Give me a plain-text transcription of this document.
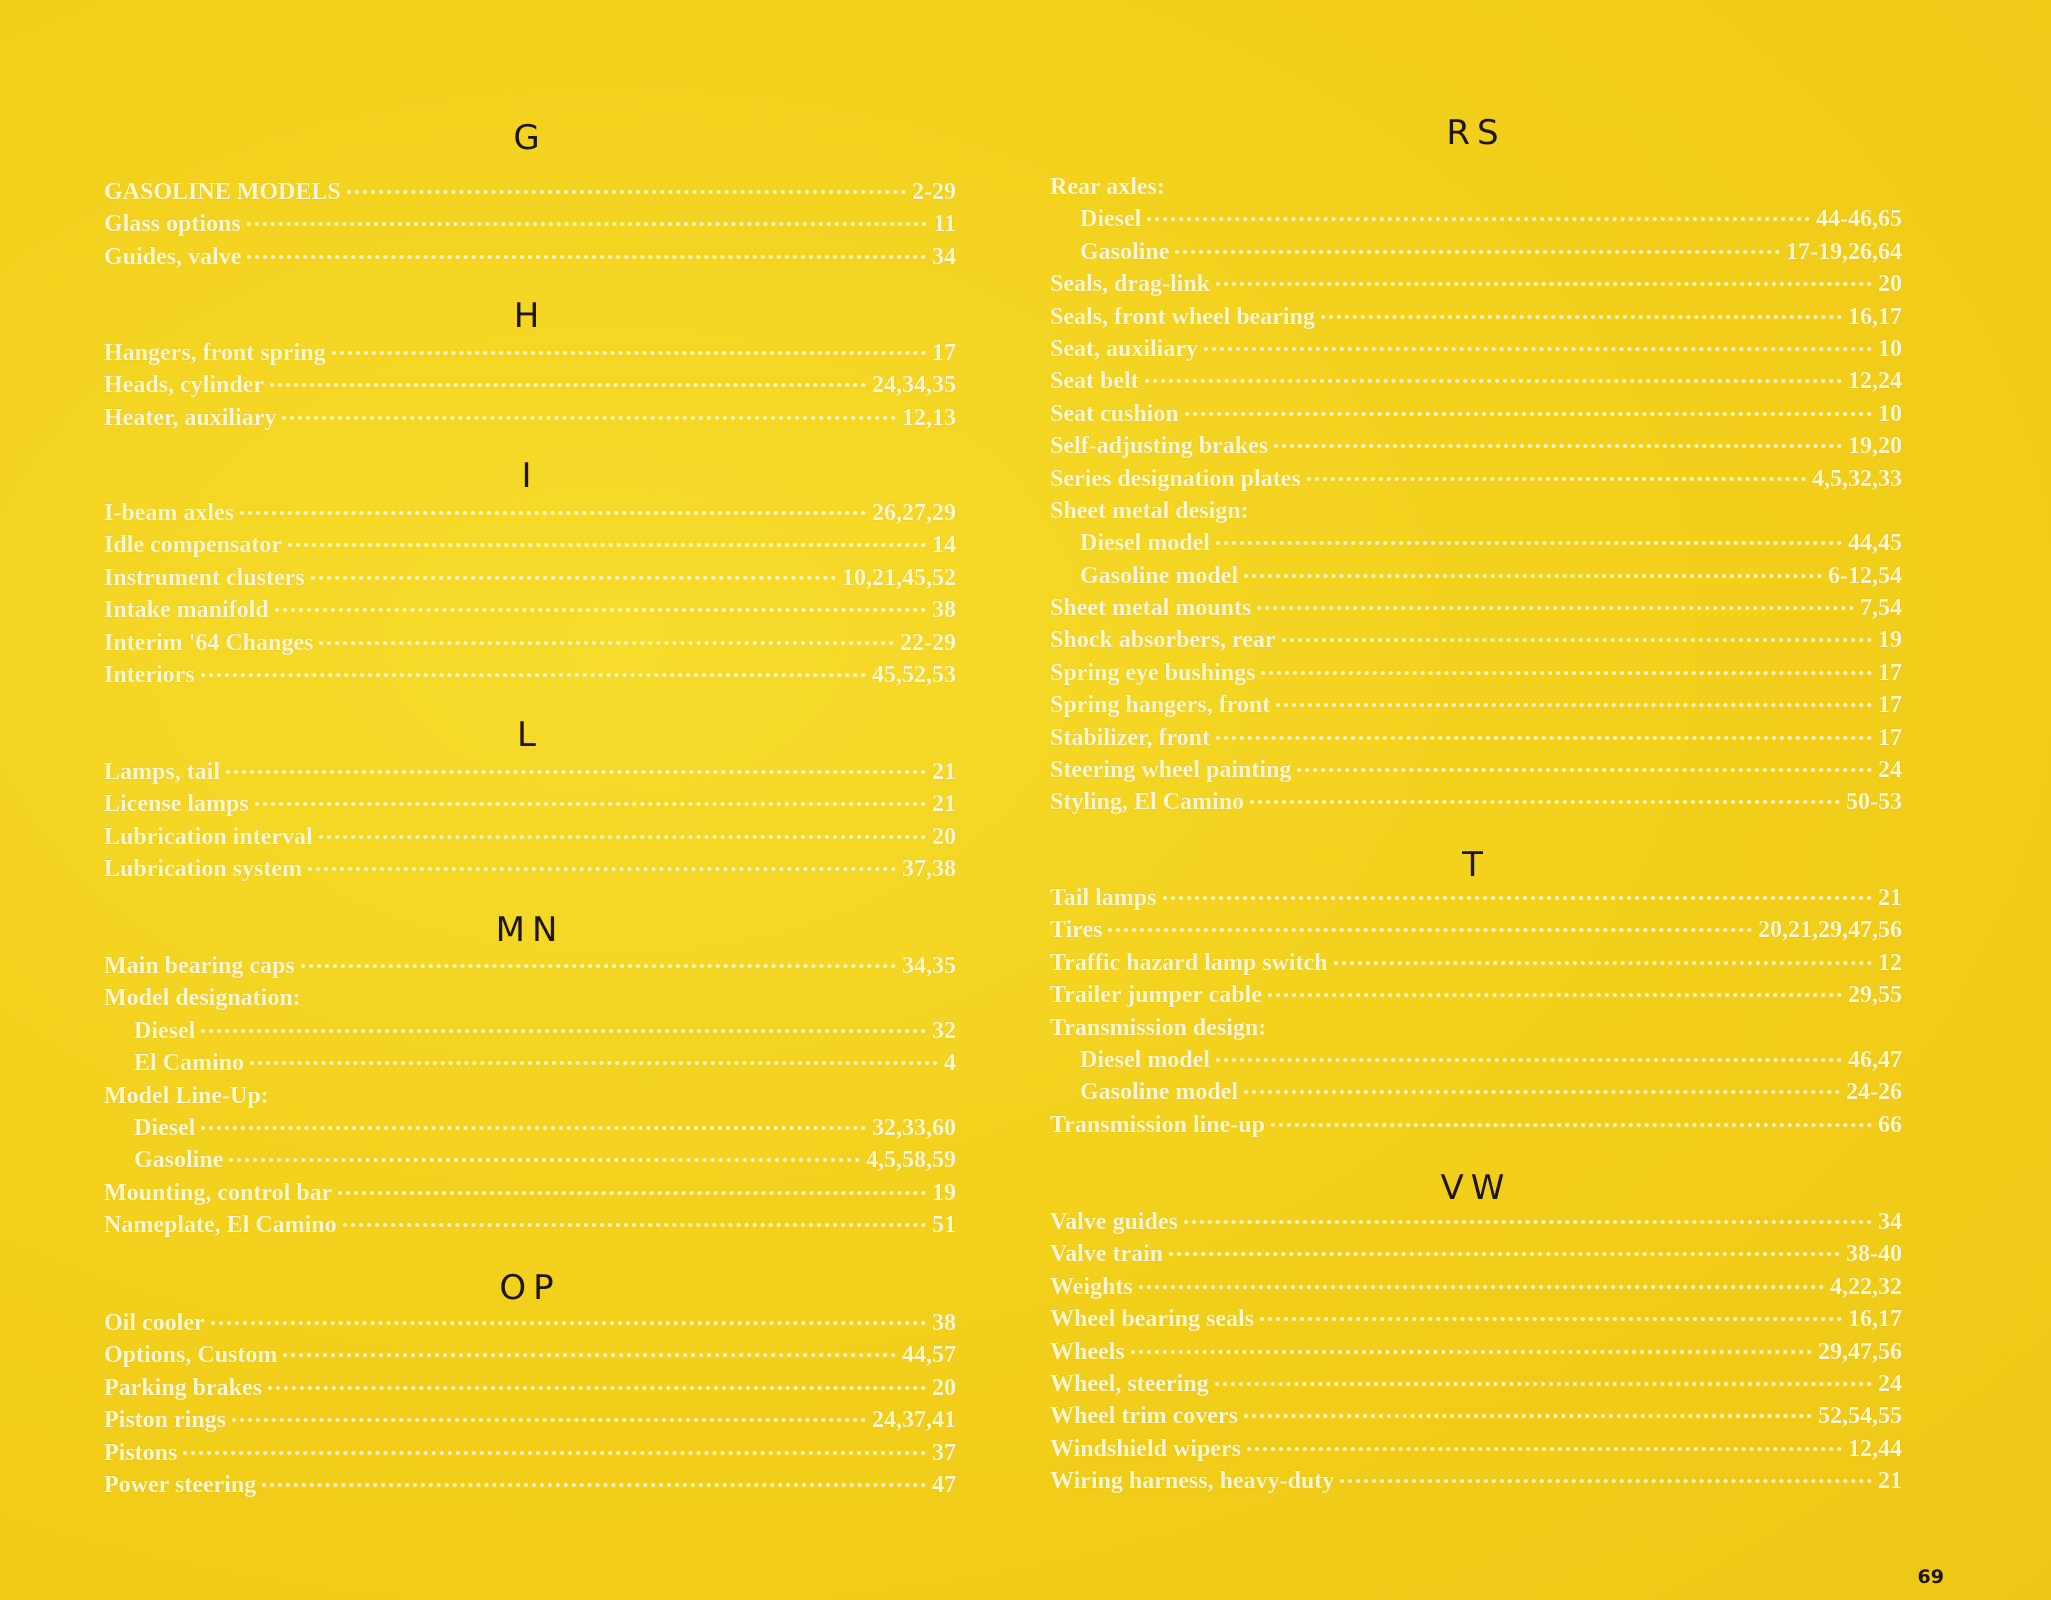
G
GASOLINE MODELS	2-29
Glass options	11
Guides, valve	34
H
Hangers, front spring	17
Heads, cylinder	24,34,35
Heater, auxiliary	12,13
I
I-beam axles	26,27,29
Idle compensator	14
Instrument clusters	10,21,45,52
Intake manifold	38
Interim '64 Changes	22-29
Interiors	45,52,53
L
Lamps, tail	21
License lamps	21
Lubrication interval	20
Lubrication system	37,38
MN
Main bearing caps	34,35
Model designation:
Diesel	32
El Camino	4
Model Line-Up:
Diesel	32,33,60
Gasoline	4,5,58,59
Mounting, control bar	19
Nameplate, El Camino	51
OP
Oil cooler	38
Options, Custom	44,57
Parking brakes	20
Piston rings	24,37,41
Pistons	37
Power steering	47
RS
Rear axles:
Diesel	44-46,65
Gasoline	17-19,26,64
Seals, drag-link	20
Seals, front wheel bearing	16,17
Seat, auxiliary	10
Seat belt	12,24
Seat cushion	10
Self-adjusting brakes	19,20
Series designation plates	4,5,32,33
Sheet metal design:
Diesel model	44,45
Gasoline model	6-12,54
Sheet metal mounts	7,54
Shock absorbers, rear	19
Spring eye bushings	17
Spring hangers, front	17
Stabilizer, front	17
Steering wheel painting	24
Styling, El Camino	50-53
T
Tail lamps	21
Tires	20,21,29,47,56
Traffic hazard lamp switch	12
Trailer jumper cable	29,55
Transmission design:
Diesel model	46,47
Gasoline model	24-26
Transmission line-up	66
VW
Valve guides	34
Valve train	38-40
Weights	4,22,32
Wheel bearing seals	16,17
Wheels	29,47,56
Wheel, steering	24
Wheel trim covers	52,54,55
Windshield wipers	12,44
Wiring harness, heavy-duty	21
69
